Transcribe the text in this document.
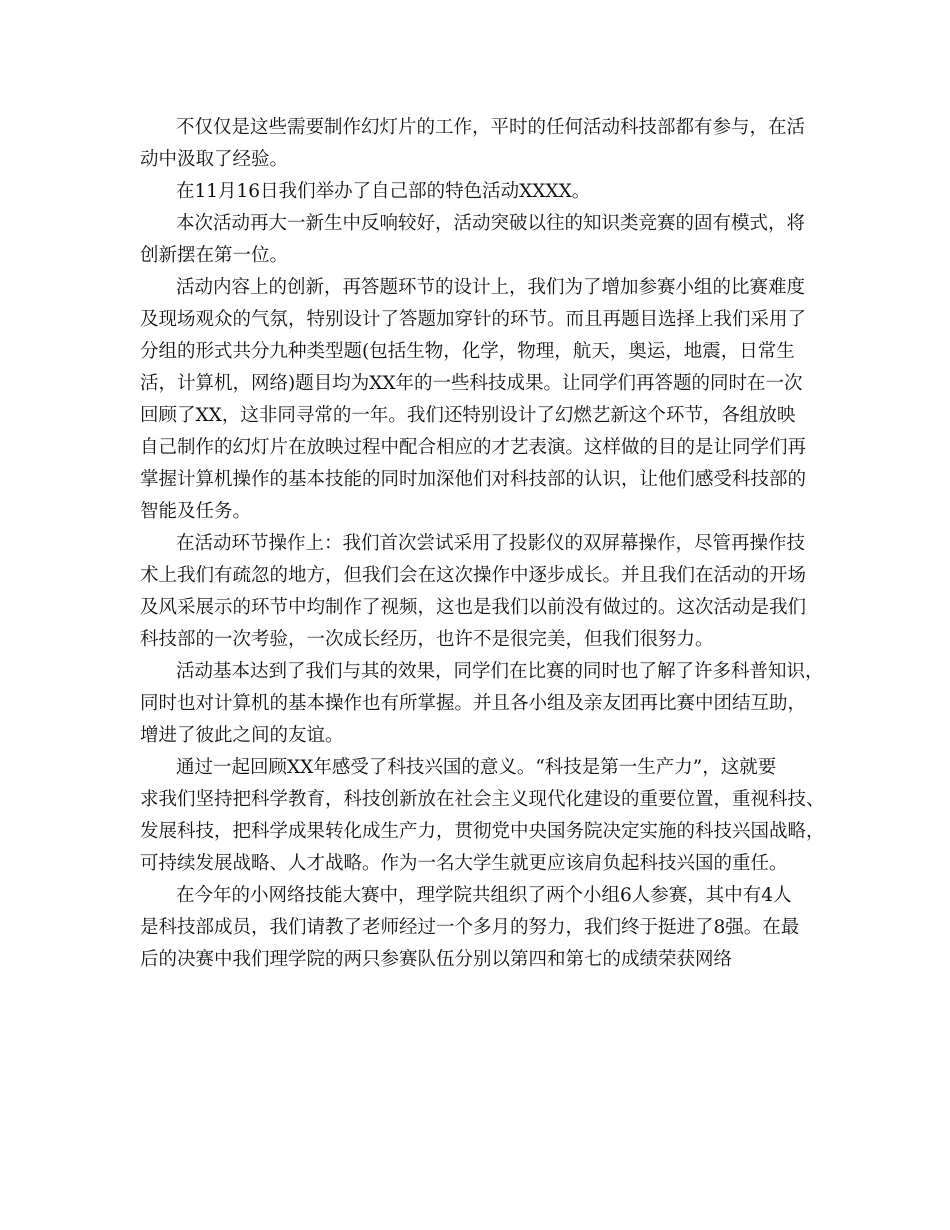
不仅仅是这些需要制作幻灯片的工作，平时的任何活动科技部都有参与，在活
动中汲取了经验。
在11月16日我们举办了自己部的特色活动XXXX。
本次活动再大一新生中反响较好，活动突破以往的知识类竞赛的固有模式，将
创新摆在第一位。
活动内容上的创新，再答题环节的设计上，我们为了增加参赛小组的比赛难度
及现场观众的气氛，特别设计了答题加穿针的环节。而且再题目选择上我们采用了
分组的形式共分九种类型题(包括生物，化学，物理，航天，奥运，地震，日常生
活，计算机，网络)题目均为XX年的一些科技成果。让同学们再答题的同时在一次
回顾了XX，这非同寻常的一年。我们还特别设计了幻燃艺新这个环节，各组放映
自己制作的幻灯片在放映过程中配合相应的才艺表演。这样做的目的是让同学们再
掌握计算机操作的基本技能的同时加深他们对科技部的认识，让他们感受科技部的
智能及任务。
在活动环节操作上：我们首次尝试采用了投影仪的双屏幕操作，尽管再操作技
术上我们有疏忽的地方，但我们会在这次操作中逐步成长。并且我们在活动的开场
及风采展示的环节中均制作了视频，这也是我们以前没有做过的。这次活动是我们
科技部的一次考验，一次成长经历，也许不是很完美，但我们很努力。
活动基本达到了我们与其的效果，同学们在比赛的同时也了解了许多科普知识，
同时也对计算机的基本操作也有所掌握。并且各小组及亲友团再比赛中团结互助，
增进了彼此之间的友谊。
通过一起回顾XX年感受了科技兴国的意义。“科技是第一生产力”，这就要
求我们坚持把科学教育，科技创新放在社会主义现代化建设的重要位置，重视科技、
发展科技，把科学成果转化成生产力，贯彻党中央国务院决定实施的科技兴国战略，
可持续发展战略、人才战略。作为一名大学生就更应该肩负起科技兴国的重任。
在今年的小网络技能大赛中，理学院共组织了两个小组6人参赛，其中有4人
是科技部成员，我们请教了老师经过一个多月的努力，我们终于挺进了8强。在最
后的决赛中我们理学院的两只参赛队伍分别以第四和第七的成绩荣获网络
